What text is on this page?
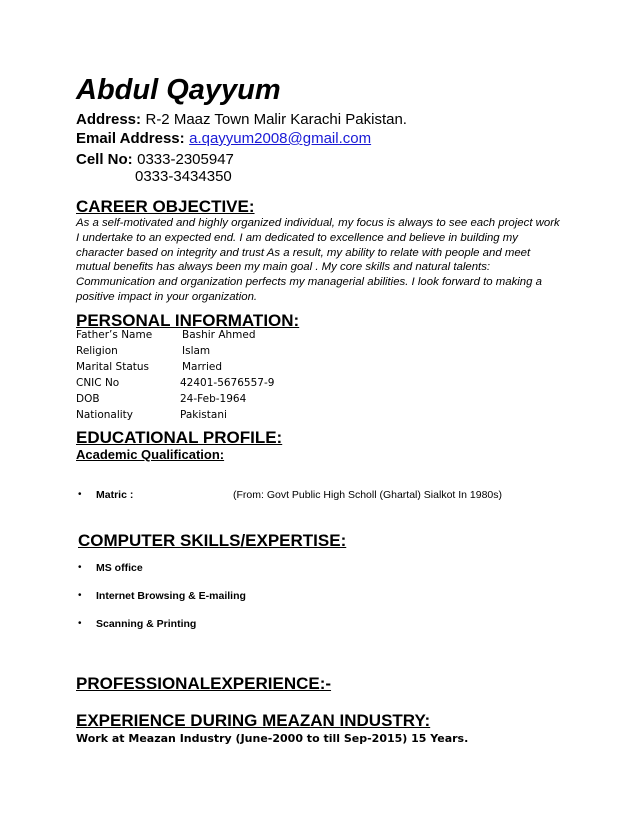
Abdul Qayyum
Address: R-2 Maaz Town Malir Karachi Pakistan.
Email Address: a.qayyum2008@gmail.com
Cell No: 0333-2305947
0333-3434350
CAREER OBJECTIVE:
As a self-motivated and highly organized individual, my focus is always to see each project work I undertake to an expected end. I am dedicated to excellence and believe in building my character based on integrity and trust As a result, my ability to relate with people and meet mutual benefits has always been my main goal . My core skills and natural talents: Communication and organization perfects my managerial abilities. I look forward to making a positive impact in your organization.
PERSONAL INFORMATION:
Father’s Name	Bashir Ahmed
Religion	Islam
Marital Status	Married
CNIC No	42401-5676557-9
DOB	24-Feb-1964
Nationality	Pakistani
EDUCATIONAL PROFILE:
Academic Qualification:
• Matric :	(From: Govt Public High Scholl (Ghartal) Sialkot In 1980s)
COMPUTER SKILLS/EXPERTISE:
• MS office
• Internet Browsing & E-mailing
• Scanning & Printing
PROFESSIONALEXPERIENCE:-
EXPERIENCE DURING MEAZAN INDUSTRY:
Work at Meazan Industry (June-2000 to till Sep-2015) 15 Years.
